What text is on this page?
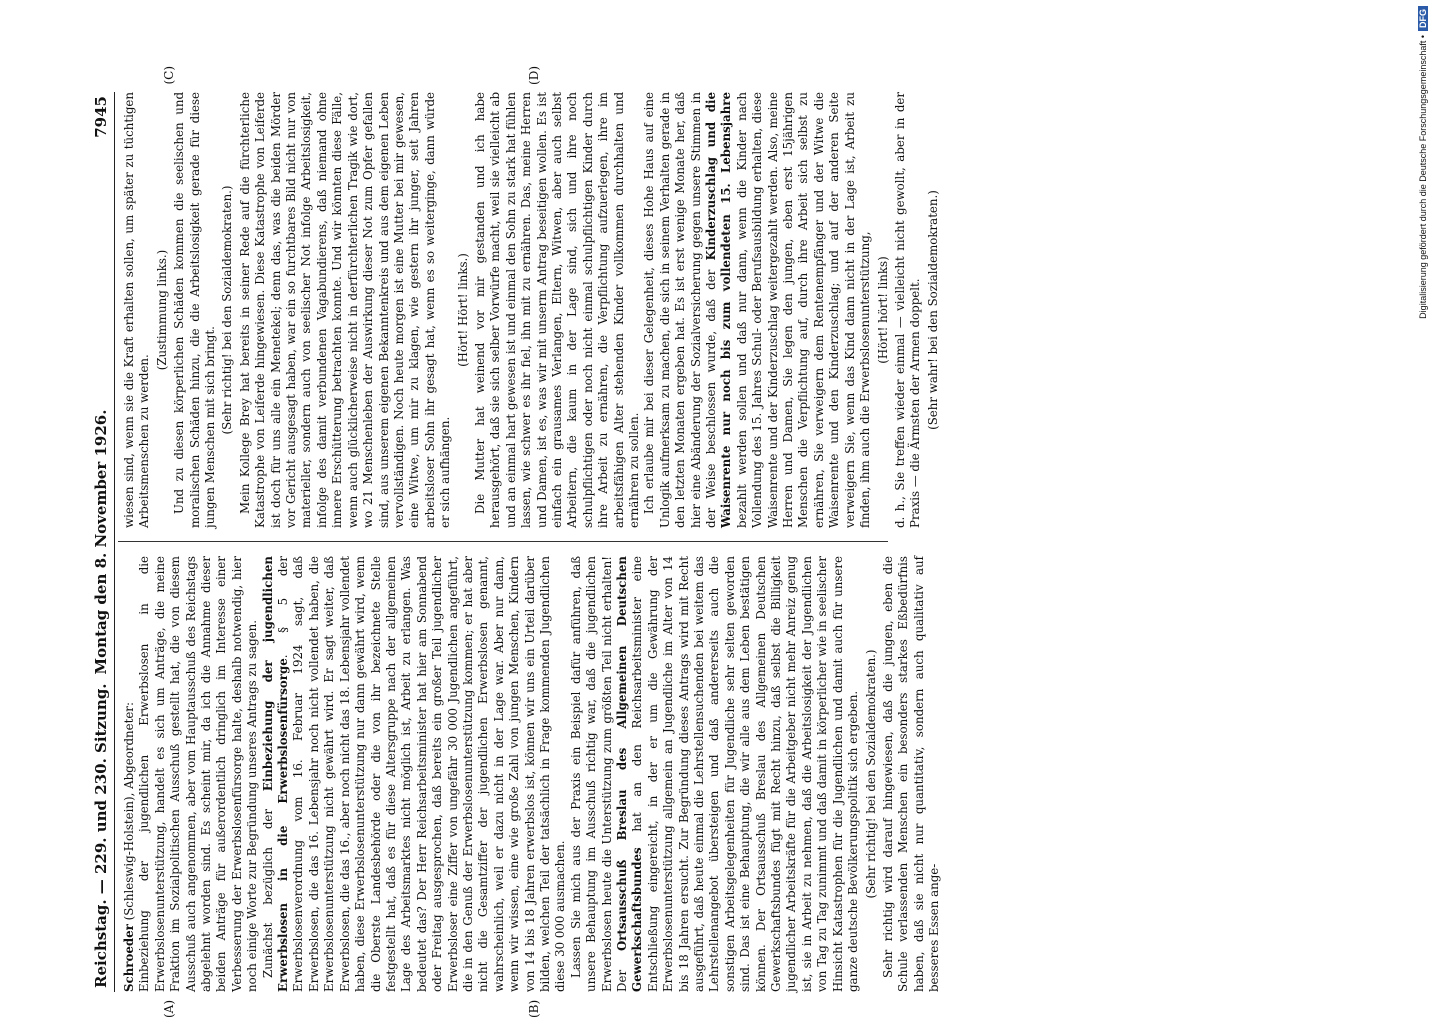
Digitalisierung gefördert durch die Deutsche Forschungsgemeinschaft •
DFG
Reichstag. — 229. und 230. Sitzung.
Montag den 8. November 1926.
7945
(A)	(B)

Schroeder (Schleswig-Holstein), Abgeordneter: Einbeziehung der jugendlichen Erwerbslosen in die Erwerbslosenunterstützung, handelt es sich um Anträge, die meine Fraktion im Sozialpolitischen Ausschuß gestellt hat, die von diesem Ausschuß auch angenommen, aber vom Hauptausschuß des Reichstags abgelehnt worden sind. Es scheint mir, da ich die Annahme dieser beiden Anträge für außerordentlich dringlich im Interesse einer Verbesserung der Erwerbslosenfürsorge halte, deshalb notwendig, hier noch einige Worte zur Begründung unseres Antrags zu sagen. Zunächst bezüglich der Einbeziehung der jugendlichen Erwerbslosen in die Erwerbslosenfürsorge. § 5 der Erwerbslosenverordnung vom 16. Februar 1924 sagt, daß Erwerbslosen, die das 16. Lebensjahr noch nicht vollendet haben, die Erwerbslosenunterstützung nicht gewährt wird. Er sagt weiter, daß Erwerbslosen, die das 16., aber noch nicht das 18. Lebensjahr vollendet haben, diese Erwerbslosenunterstützung nur dann gewährt wird, wenn die Oberste Landesbehörde oder die von ihr bezeichnete Stelle festgestellt hat, daß es für diese Altersgruppe nach der allgemeinen Lage des Arbeitsmarktes nicht möglich ist, Arbeit zu erlangen. Was bedeutet das? Der Herr Reichsarbeitsminister hat hier am Sonnabend oder Freitag ausgesprochen, daß bereits ein großer Teil jugendlicher Erwerbsloser eine Ziffer von ungefähr 30 000 Jugendlichen angeführt, die in den Genuß der Erwerbslosenunterstützung kommen; er hat aber nicht die Gesamtziffer der jugendlichen Erwerbslosen genannt, wahrscheinlich, weil er dazu nicht in der Lage war. Aber nur dann, wenn wir wissen, eine wie große Zahl von jungen Menschen, Kindern von 14 bis 18 Jahren erwerbslos ist, können wir uns ein Urteil darüber bilden, welchen Teil der tatsächlich in Frage kommenden Jugendlichen diese 30 000 ausmachen. Lassen Sie mich aus der Praxis ein Beispiel dafür anführen, daß unsere Behauptung im Ausschuß richtig war, daß die jugendlichen Erwerbslosen heute die Unterstützung zum größten Teil nicht erhalten! Der Ortsausschuß Breslau des Allgemeinen Deutschen Gewerkschaftsbundes hat an den Reichsarbeitsminister eine Entschließung eingereicht, in der er um die Gewährung der Erwerbslosenunterstützung allgemein an Jugendliche im Alter von 14 bis 18 Jahren ersucht. Zur Begründung dieses Antrags wird mit Recht ausgeführt, daß heute einmal die Lehrstellensuchenden bei weitem das Lehrstellenangebot übersteigen und daß andererseits auch die sonstigen Arbeitsgelegenheiten für Jugendliche sehr selten geworden sind. Das ist eine Behauptung, die wir alle aus dem Leben bestätigen können. Der Ortsausschuß Breslau des Allgemeinen Deutschen Gewerkschaftsbundes fügt mit Recht hinzu, daß selbst die Billigkeit jugendlicher Arbeitskräfte für die Arbeitgeber nicht mehr Anreiz genug ist, sie in Arbeit zu nehmen, daß die Arbeitslosigkeit der Jugendlichen von Tag zu Tag zunimmt und daß damit in körperlicher wie in seelischer Hinsicht Katastrophen für die Jugendlichen und damit auch für unsere ganze deutsche Bevölkerungspolitik sich ergeben. (Sehr richtig! bei den Sozialdemokraten.) Sehr richtig wird darauf hingewiesen, daß die jungen, eben die Schule verlassenden Menschen ein besonders starkes Eßbedürfnis haben, daß sie nicht nur quantitativ, sondern auch qualitativ auf besseres Essen ange-

(C)	(D)

wiesen sind, wenn sie die Kraft erhalten sollen, um später zu tüchtigen Arbeitsmenschen zu werden.

(Zustimmung links.) Und zu diesen körperlichen Schäden kommen die seelischen und moralischen Schäden hinzu, die die Arbeitslosigkeit gerade für diese jungen Menschen mit sich bringt. (Sehr richtig! bei den Sozialdemokraten.) Mein Kollege Brey hat bereits in seiner Rede auf die fürchterliche Katastrophe von Leiferde hingewiesen. Diese Katastrophe von Leiferde ist doch für uns alle ein Menetekel; denn das, was die beiden Mörder vor Gericht ausgesagt haben, war ein so furchtbares Bild nicht nur von materieller, sondern auch von seelischer Not infolge Arbeitslosigkeit, infolge des damit verbundenen Vagabundierens, daß niemand ohne innere Erschütterung betrachten konnte. Und wir könnten diese Fälle, wenn auch glücklicherweise nicht in derfürchterlichen Tragik wie dort, wo 21 Menschenleben der Auswirkung dieser Not zum Opfer gefallen sind, aus unserem eigenen Bekanntenkreis und aus dem eigenen Leben vervollständigen. Noch heute morgen ist eine Mutter bei mir gewesen, eine Witwe, um mir zu klagen, wie gestern ihr junger, seit Jahren arbeitsloser Sohn ihr gesagt hat, wenn es so weiterginge, dann würde er sich aufhängen.

(Hört! Hört! links.) Die Mutter hat weinend vor mir gestanden und ich habe herausgehört, daß sie sich selber Vorwürfe macht, weil sie vielleicht ab und an einmal hart gewesen ist und einmal den Sohn zu stark hat fühlen lassen, wie schwer es ihr fiel, ihn mit zu ernähren. Das, meine Herren und Damen, ist es, was wir mit unserm Antrag beseitigen wollen. Es ist einfach ein grausames Verlangen, Eltern, Witwen, aber auch selbst Arbeitern, die kaum in der Lage sind, sich und ihre noch schulpflichtigen oder noch nicht einmal schulpflichtigen Kinder durch ihre Arbeit zu ernähren, die Verpflichtung aufzuerlegen, ihre im arbeitsfähigen Alter stehenden Kinder vollkommen durchhalten und ernähren zu sollen. Ich erlaube mir bei dieser Gelegenheit, dieses Hohe Haus auf eine Unlogik aufmerksam zu machen, die sich in seinem Verhalten gerade in den letzten Monaten ergeben hat. Es ist erst wenige Monate her, daß hier eine Abänderung der Sozialversicherung gegen unsere Stimmen in der Weise beschlossen wurde, daß der Kinderzuschlag und die Waisenrente nur noch bis zum vollendeten 15. Lebensjahre bezahlt werden sollen und daß nur dann, wenn die Kinder nach Vollendung des 15. Jahres Schul- oder Berufsausbildung erhalten, diese Waisenrente und der Kinderzuschlag weitergezahlt werden. Also, meine Herren und Damen, Sie legen den jungen, eben erst 15jährigen Menschen die Verpflichtung auf, durch ihre Arbeit sich selbst zu ernähren, Sie verweigern dem Rentenempfänger und der Witwe die Waisenrente und den Kinderzuschlag; und auf der anderen Seite verweigern Sie, wenn das Kind dann nicht in der Lage ist, Arbeit zu finden, ihm auch die Erwerbslosenunterstützung, (Hört! hört! links) d. h., Sie treffen wieder einmal — vielleicht nicht gewollt, aber in der Praxis — die Ärmsten der Armen doppelt. (Sehr wahr! bei den Sozialdemokraten.)
